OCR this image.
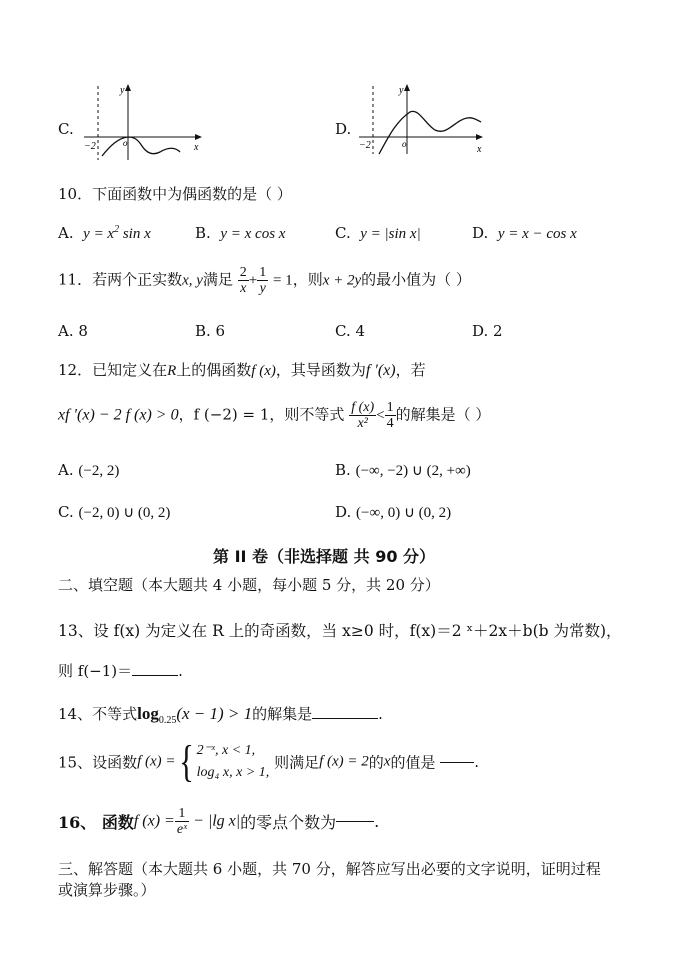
C.
y
x
−2	o
D.
y
x
−2	o
10．下面函数中为偶函数的是（ ）
A. $y = x^2$ sin x	B. y = x cos x	C. y = |sin x|	D. y = x − cos x
11．若两个正实数x, y满足 $\frac{2}{x} + \frac{1}{y} = 1$，则x + 2y的最小值为（ ）
A. 8	B. 6	C. 4	D. 2
12．已知定义在R上的偶函数f (x)，其导函数为f ′(x)，若
xf ′(x) − 2 f (x) > 0，f (−2) = 1，则不等式 $\frac{f (x)}{\text{x²}} < \frac{1}{4}$ 的解集是（ ）
A. (−2, 2)	B. (−∞, −2) ∪ (2, +∞)
C. (−2, 0) ∪ (0, 2)	D. (−∞, 0) ∪ (0, 2)
第 II 卷（非选择题 共 90 分）
二、填空题（本大题共 4 小题，每小题 5 分，共 20 分）
13、设 f(x) 为定义在 R 上的奇函数，当 x≥0 时，f(x)＝2 ˣ＋2x＋b(b 为常数)，
则 f(−1)＝	.
14、不等式$\log_{0.25}(x - 1) > 1$的解集是	.
15、设函数f (x) ={ 2⁻ˣ, x < 1,
log₄ x, x > 1,
则满足f (x) = 2的x的值是	.
16、 函数f $(x) = \frac{1}{\text{eˣ}} - |\lg$ x|的零点个数为 .
三、解答题（本大题共 6 小题，共 70 分，解答应写出必要的文字说明，证明过程
或演算步骤。）
